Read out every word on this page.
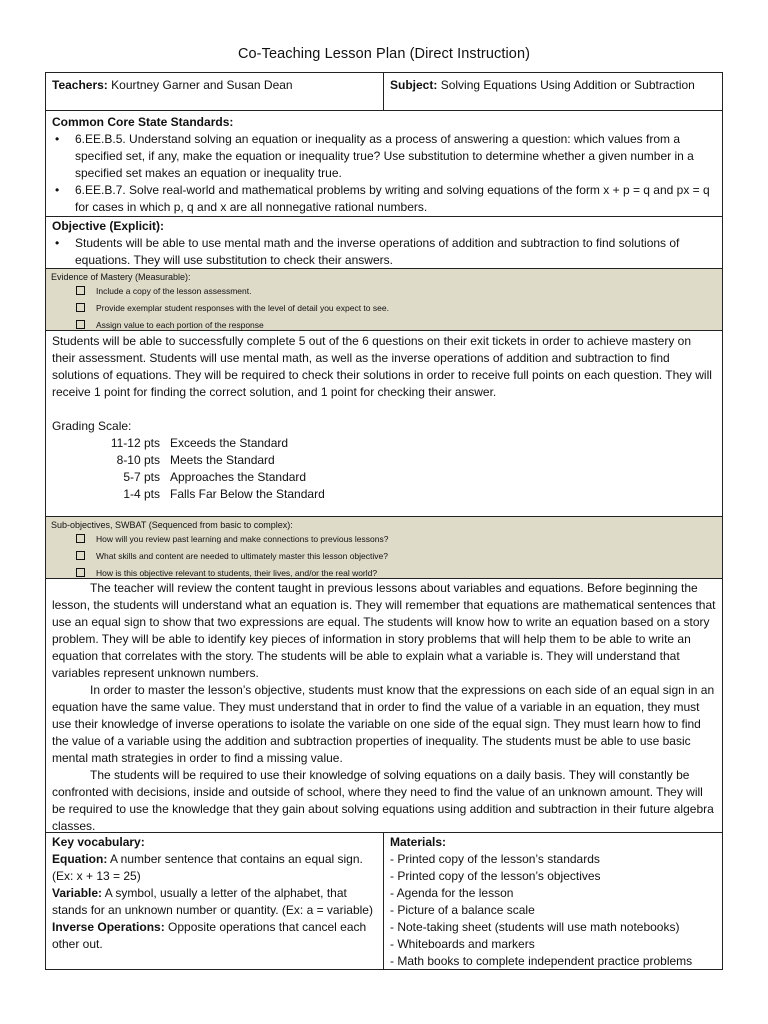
Co-Teaching Lesson Plan (Direct Instruction)
Teachers: Kourtney Garner and Susan Dean	Subject: Solving Equations Using Addition or Subtraction
Common Core State Standards:
• 6.EE.B.5. Understand solving an equation or inequality as a process of answering a question: which values from a specified set, if any, make the equation or inequality true? Use substitution to determine whether a given number in a specified set makes an equation or inequality true.
• 6.EE.B.7. Solve real-world and mathematical problems by writing and solving equations of the form x + p = q and px = q for cases in which p, q and x are all nonnegative rational numbers.
Objective (Explicit):
• Students will be able to use mental math and the inverse operations of addition and subtraction to find solutions of equations. They will use substitution to check their answers.
Evidence of Mastery (Measurable):
Include a copy of the lesson assessment.
Provide exemplar student responses with the level of detail you expect to see.
Assign value to each portion of the response

Students will be able to successfully complete 5 out of the 6 questions on their exit tickets in order to achieve mastery on their assessment. Students will use mental math, as well as the inverse operations of addition and subtraction to find solutions of equations. They will be required to check their solutions in order to receive full points on each question. They will receive 1 point for finding the correct solution, and 1 point for checking their answer.

Grading Scale:
11-12 pts Exceeds the Standard
8-10 pts Meets the Standard
5-7 pts Approaches the Standard
1-4 pts Falls Far Below the Standard
Sub-objectives, SWBAT (Sequenced from basic to complex):
How will you review past learning and make connections to previous lessons?
What skills and content are needed to ultimately master this lesson objective?
How is this objective relevant to students, their lives, and/or the real world?

The teacher will review the content taught in previous lessons about variables and equations. Before beginning the lesson, the students will understand what an equation is. They will remember that equations are mathematical sentences that use an equal sign to show that two expressions are equal. The students will know how to write an equation based on a story problem. They will be able to identify key pieces of information in story problems that will help them to be able to write an equation that correlates with the story. The students will be able to explain what a variable is. They will understand that variables represent unknown numbers.

In order to master the lesson’s objective, students must know that the expressions on each side of an equal sign in an equation have the same value. They must understand that in order to find the value of a variable in an equation, they must use their knowledge of inverse operations to isolate the variable on one side of the equal sign. They must learn how to find the value of a variable using the addition and subtraction properties of inequality. The students must be able to use basic mental math strategies in order to find a missing value.

The students will be required to use their knowledge of solving equations on a daily basis. They will constantly be confronted with decisions, inside and outside of school, where they need to find the value of an unknown amount. They will be required to use the knowledge that they gain about solving equations using addition and subtraction in their future algebra classes.

Key vocabulary:
Equation: A number sentence that contains an equal sign. (Ex: x + 13 = 25)
Variable: A symbol, usually a letter of the alphabet, that stands for an unknown number or quantity. (Ex: a = variable)
Inverse Operations: Opposite operations that cancel each other out.
Materials:
- Printed copy of the lesson’s standards
- Printed copy of the lesson’s objectives
- Agenda for the lesson
- Picture of a balance scale
- Note-taking sheet (students will use math notebooks)
- Whiteboards and markers
- Math books to complete independent practice problems
